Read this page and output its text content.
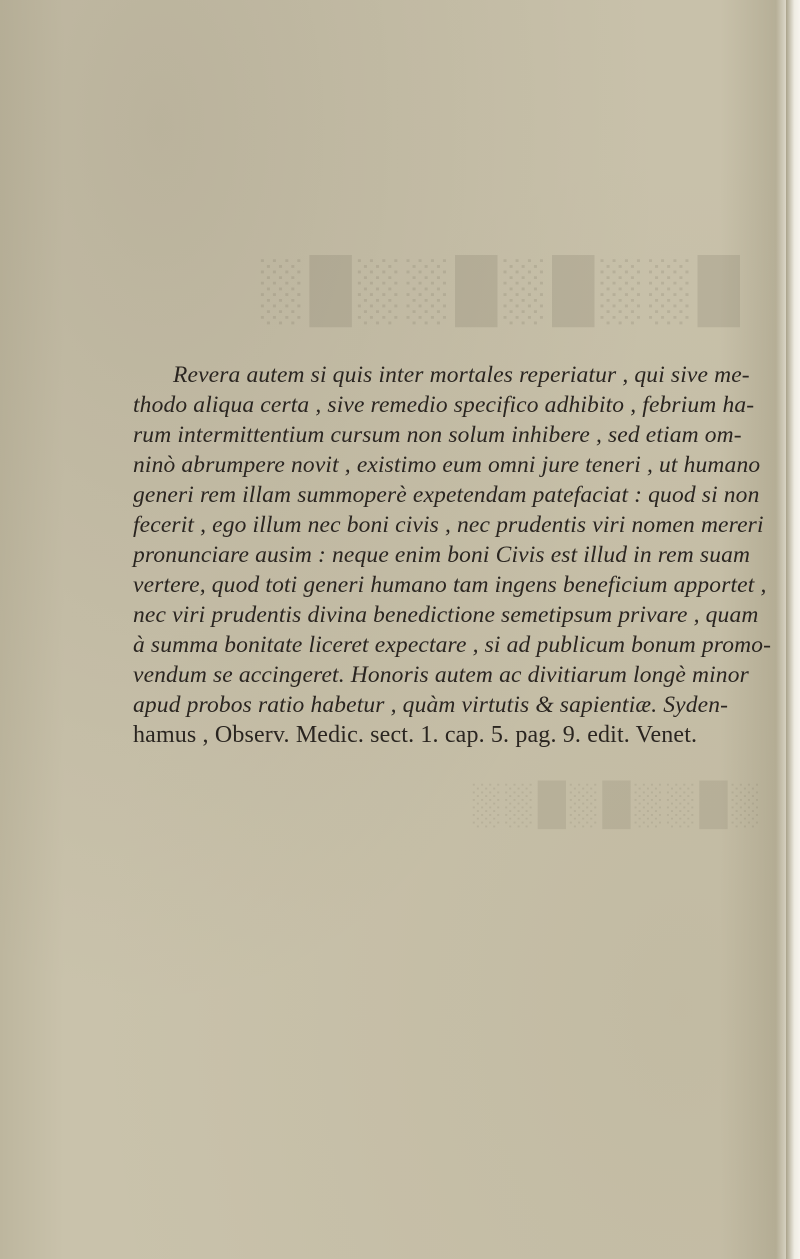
█░░█░█░░█░
░█░░█░█░░
Revera autem si quis inter mortales reperiatur , qui sive me-
thodo aliqua certa , sive remedio specifico adhibito , febrium ha-
rum intermittentium cursum non solum inhibere , sed etiam om-
ninò abrumpere novit , existimo eum omni jure teneri , ut humano
generi rem illam summoperè expetendam patefaciat : quod si non
fecerit , ego illum nec boni civis , nec prudentis viri nomen mereri
pronunciare ausim : neque enim boni Civis est illud in rem suam
vertere, quod toti generi humano tam ingens beneficium apportet ,
nec viri prudentis divina benedictione semetipsum privare , quam
à summa bonitate liceret expectare , si ad publicum bonum promo-
vendum se accingeret. Honoris autem ac divitiarum longè minor
apud probos ratio habetur , quàm virtutis & sapientiæ. Syden-
hamus , Observ. Medic. sect. 1. cap. 5. pag. 9. edit. Venet.
